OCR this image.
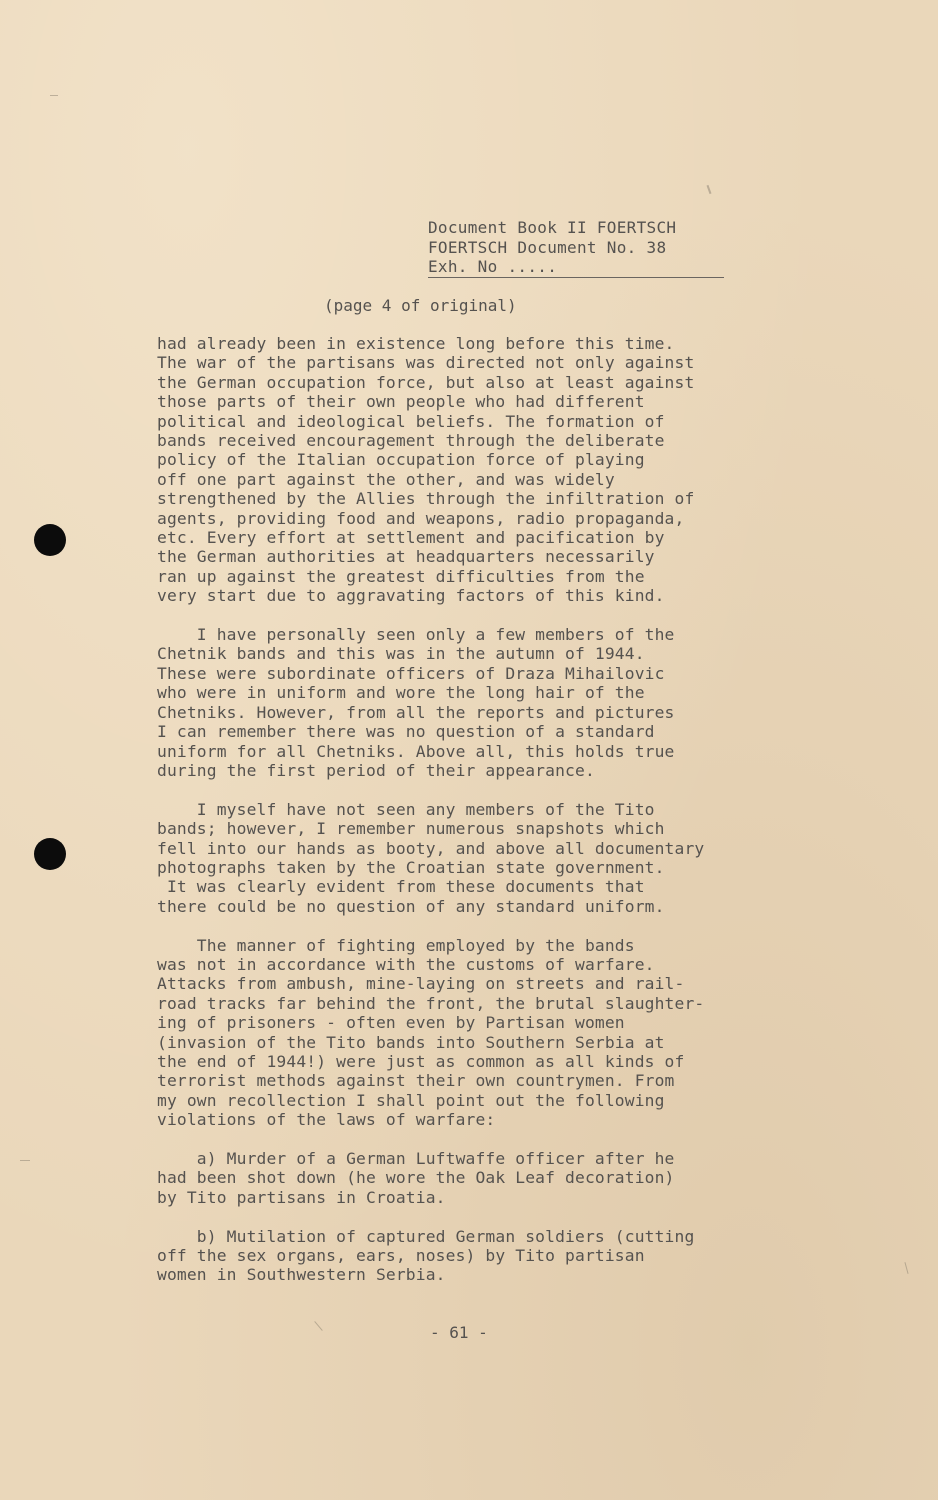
Document Book II FOERTSCH
FOERTSCH Document No. 38
Exh. No .....
(page 4 of original)
had already been in existence long before this time.
The war of the partisans was directed not only against
the German occupation force, but also at least against
those parts of their own people who had different
political and ideological beliefs. The formation of
bands received encouragement through the deliberate
policy of the Italian occupation force of playing
off one part against the other, and was widely
strengthened by the Allies through the infiltration of
agents, providing food and weapons, radio propaganda,
etc. Every effort at settlement and pacification by
the German authorities at headquarters necessarily
ran up against the greatest difficulties from the
very start due to aggravating factors of this kind.
I have personally seen only a few members of the
Chetnik bands and this was in the autumn of 1944.
These were subordinate officers of Draza Mihailovic
who were in uniform and wore the long hair of the
Chetniks. However, from all the reports and pictures
I can remember there was no question of a standard
uniform for all Chetniks. Above all, this holds true
during the first period of their appearance.
I myself have not seen any members of the Tito
bands; however, I remember numerous snapshots which
fell into our hands as booty, and above all documentary
photographs taken by the Croatian state government.
It was clearly evident from these documents that
there could be no question of any standard uniform.
The manner of fighting employed by the bands
was not in accordance with the customs of warfare.
Attacks from ambush, mine-laying on streets and rail-
road tracks far behind the front, the brutal slaughter-
ing of prisoners - often even by Partisan women
(invasion of the Tito bands into Southern Serbia at
the end of 1944!) were just as common as all kinds of
terrorist methods against their own countrymen. From
my own recollection I shall point out the following
violations of the laws of warfare:
a) Murder of a German Luftwaffe officer after he
had been shot down (he wore the Oak Leaf decoration)
by Tito partisans in Croatia.
b) Mutilation of captured German soldiers (cutting
off the sex organs, ears, noses) by Tito partisan
women in Southwestern Serbia.
- 61 -
